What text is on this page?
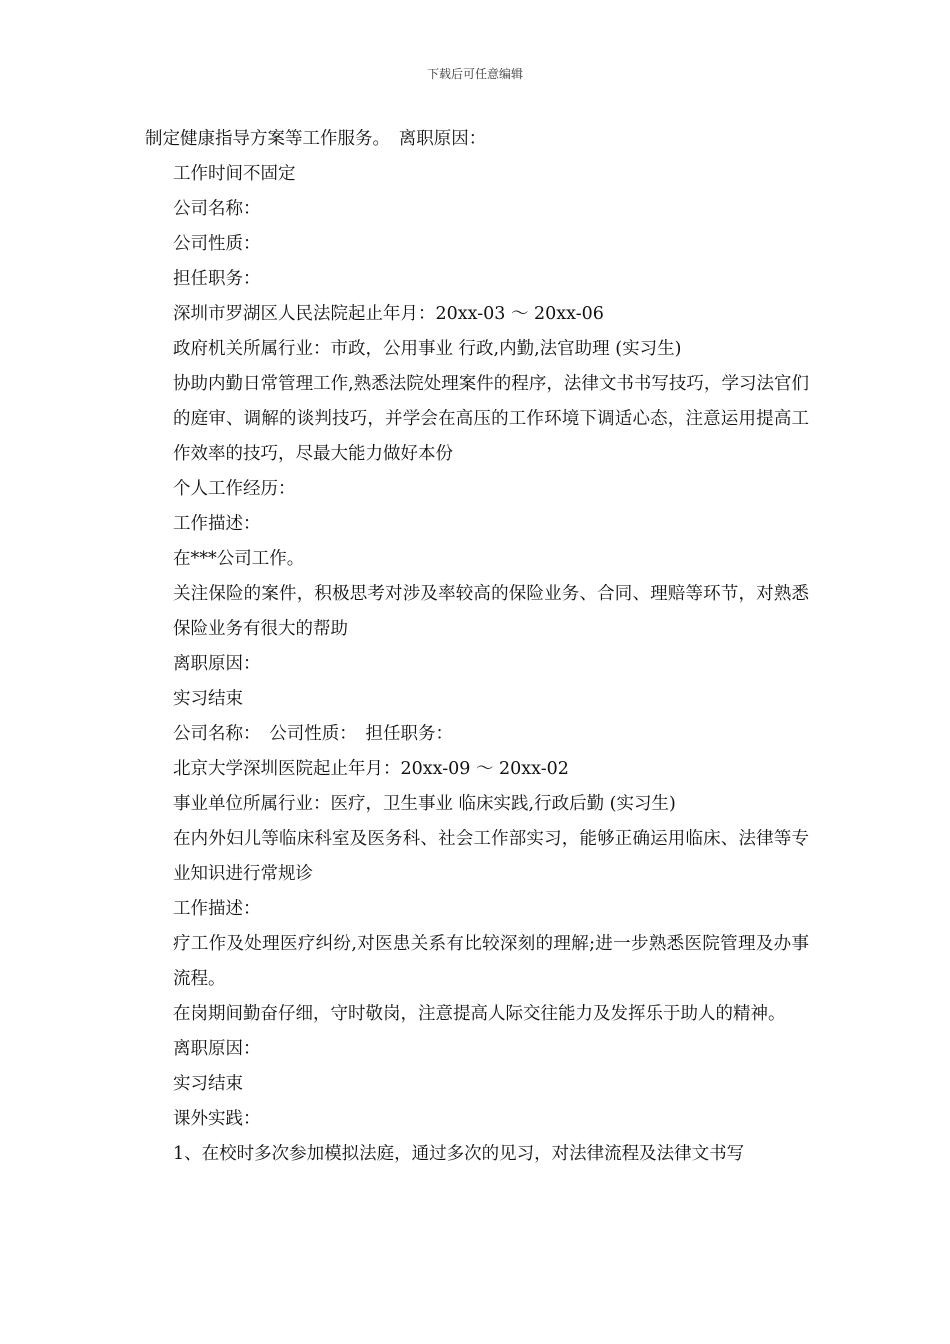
下载后可任意编辑

制定健康指导方案等工作服务。　离职原因：

工作时间不固定

公司名称：

公司性质：

担任职务：

深圳市罗湖区人民法院起止年月：20xx-03 ～ 20xx-06

政府机关所属行业：市政，公用事业 行政,内勤,法官助理 (实习生)

协助内勤日常管理工作,熟悉法院处理案件的程序，法律文书书写技巧，学习法官们的庭审、调解的谈判技巧，并学会在高压的工作环境下调适心态，注意运用提高工作效率的技巧，尽最大能力做好本份

个人工作经历：

工作描述：

在***公司工作。

关注保险的案件，积极思考对涉及率较高的保险业务、合同、理赔等环节，对熟悉保险业务有很大的帮助

离职原因：

实习结束

公司名称：　公司性质：　担任职务：

北京大学深圳医院起止年月：20xx-09 ～ 20xx-02

事业单位所属行业：医疗，卫生事业 临床实践,行政后勤 (实习生)

在内外妇儿等临床科室及医务科、社会工作部实习，能够正确运用临床、法律等专业知识进行常规诊

工作描述：

疗工作及处理医疗纠纷,对医患关系有比较深刻的理解;进一步熟悉医院管理及办事流程。

在岗期间勤奋仔细，守时敬岗，注意提高人际交往能力及发挥乐于助人的精神。

离职原因：

实习结束

课外实践：

1、在校时多次参加模拟法庭，通过多次的见习，对法律流程及法律文书写
